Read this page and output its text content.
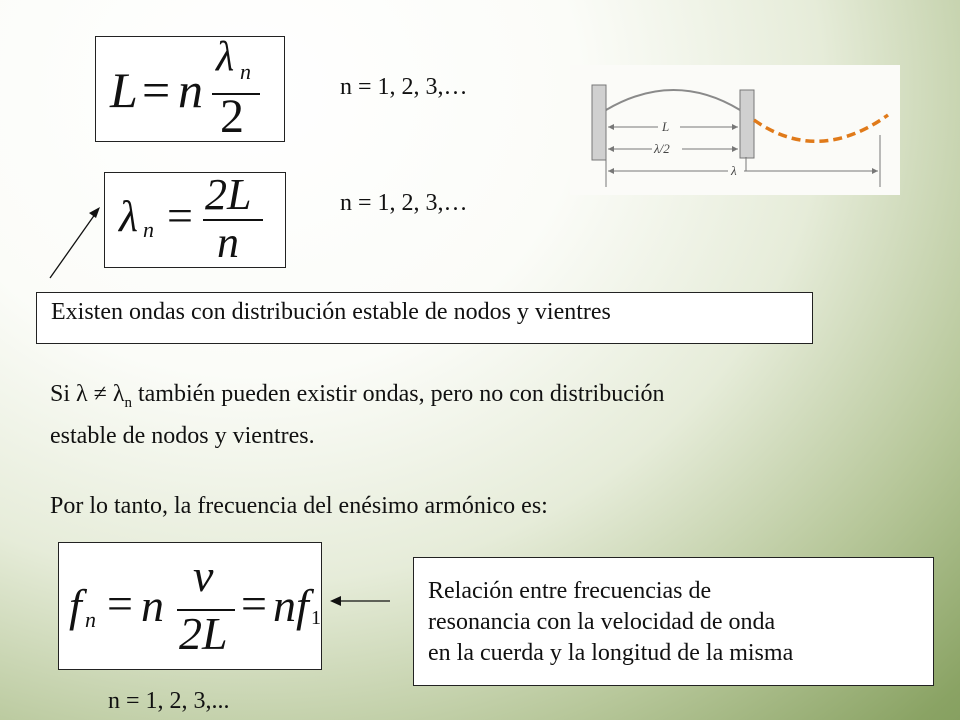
L = n
λ n
2
n = 1, 2, 3,…
L
λ/2
λ
λ n = 2L
n
n = 1, 2, 3,…
Existen ondas con distribución estable de nodos y vientres
Si $\lambda \ne \lambda_n$ también pueden existir ondas, pero no con distribución
estable de nodos y vientres.
Por lo tanto, la frecuencia del enésimo armónico es:
f n = n
v
2L
= nf 1
Relación entre frecuencias de
resonancia con la velocidad de onda
en la cuerda y la longitud de la misma
n = 1, 2, 3,...
